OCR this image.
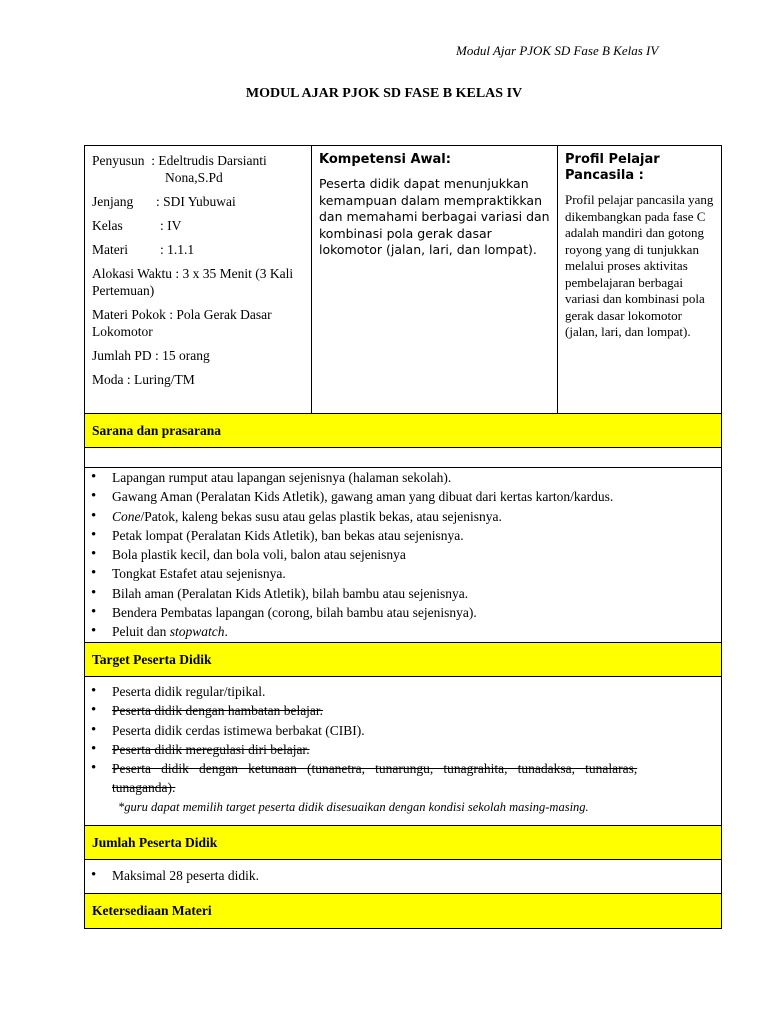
Modul Ajar PJOK SD Fase B Kelas IV
MODUL AJAR PJOK SD FASE B KELAS IV
Penyusun : Edeltrudis Darsianti
Nona,S.Pd
Jenjang : SDI Yubuwai
Kelas	: IV
Materi : 1.1.1
Alokasi Waktu : 3 x 35 Menit (3 Kali Pertemuan)
Materi Pokok : Pola Gerak Dasar Lokomotor
Jumlah PD : 15 orang
Moda : Luring/TM
Kompetensi Awal:
Peserta didik dapat menunjukkan kemampuan dalam mempraktikkan dan memahami berbagai variasi dan kombinasi pola gerak dasar lokomotor (jalan, lari, dan lompat).
Profil Pelajar Pancasila :
Profil pelajar pancasila yang dikembangkan pada fase C adalah mandiri dan gotong royong yang di tunjukkan melalui proses aktivitas pembelajaran berbagai variasi dan kombinasi pola gerak dasar lokomotor (jalan, lari, dan lompat).
Sarana dan prasarana
• Lapangan rumput atau lapangan sejenisnya (halaman sekolah).
• Gawang Aman (Peralatan Kids Atletik), gawang aman yang dibuat dari kertas karton/kardus.
• Cone/Patok, kaleng bekas susu atau gelas plastik bekas, atau sejenisnya.
• Petak lompat (Peralatan Kids Atletik), ban bekas atau sejenisnya.
• Bola plastik kecil, dan bola voli, balon atau sejenisnya
• Tongkat Estafet atau sejenisnya.
• Bilah aman (Peralatan Kids Atletik), bilah bambu atau sejenisnya.
• Bendera Pembatas lapangan (corong, bilah bambu atau sejenisnya).
• Peluit dan stopwatch.
Target Peserta Didik
• Peserta didik regular/tipikal.
• Peserta didik dengan hambatan belajar.
• Peserta didik cerdas istimewa berbakat (CIBI).
• Peserta didik meregulasi diri belajar.
• Peserta   didik   dengan   ketunaan   (tunanetra,   tunarungu,   tunagrahita,   tunadaksa,   tunalaras,
tunaganda).
*guru dapat memilih target peserta didik disesuaikan dengan kondisi sekolah masing-masing.
Jumlah Peserta Didik
• Maksimal 28 peserta didik.
Ketersediaan Materi
